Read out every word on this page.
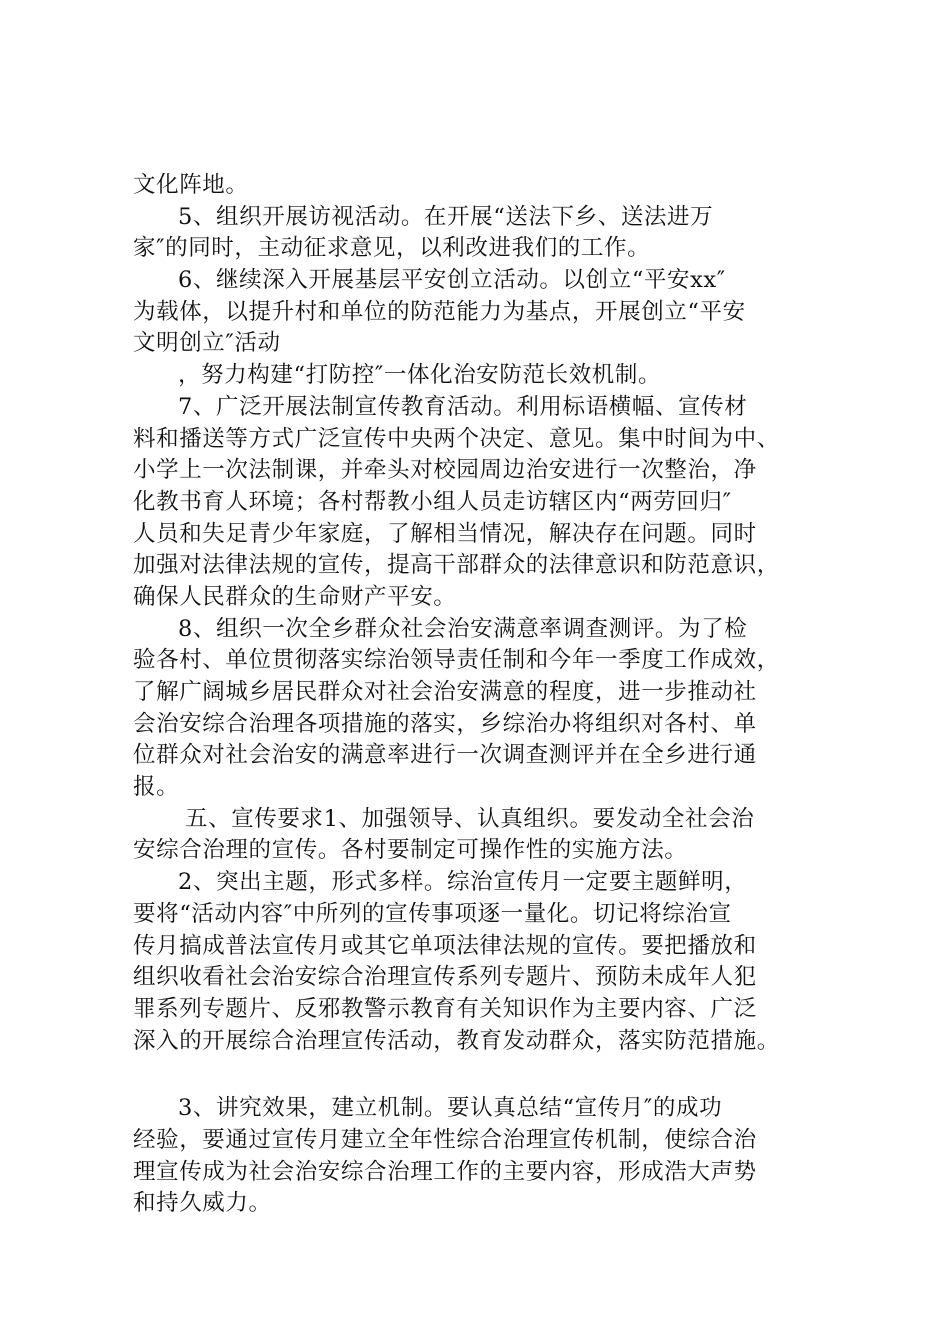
文化阵地。
5、组织开展访视活动。在开展“送法下乡、送法进万
家″的同时，主动征求意见，以利改进我们的工作。
6、继续深入开展基层平安创立活动。以创立“平安xx″
为载体，以提升村和单位的防范能力为基点，开展创立“平安
文明创立″活动
，努力构建“打防控″一体化治安防范长效机制。
7、广泛开展法制宣传教育活动。利用标语横幅、宣传材
料和播送等方式广泛宣传中央两个决定、意见。集中时间为中、
小学上一次法制课，并牵头对校园周边治安进行一次整治，净
化教书育人环境；各村帮教小组人员走访辖区内“两劳回归″
人员和失足青少年家庭，了解相当情况，解决存在问题。同时
加强对法律法规的宣传，提高干部群众的法律意识和防范意识，
确保人民群众的生命财产平安。
8、组织一次全乡群众社会治安满意率调查测评。为了检
验各村、单位贯彻落实综治领导责任制和今年一季度工作成效，
了解广阔城乡居民群众对社会治安满意的程度，进一步推动社
会治安综合治理各项措施的落实，乡综治办将组织对各村、单
位群众对社会治安的满意率进行一次调查测评并在全乡进行通
报。
五、宣传要求1、加强领导、认真组织。要发动全社会治
安综合治理的宣传。各村要制定可操作性的实施方法。
2、突出主题，形式多样。综治宣传月一定要主题鲜明，
要将“活动内容″中所列的宣传事项逐一量化。切记将综治宣
传月搞成普法宣传月或其它单项法律法规的宣传。要把播放和
组织收看社会治安综合治理宣传系列专题片、预防未成年人犯
罪系列专题片、反邪教警示教育有关知识作为主要内容、广泛
深入的开展综合治理宣传活动，教育发动群众，落实防范措施。
3、讲究效果，建立机制。要认真总结“宣传月″的成功
经验，要通过宣传月建立全年性综合治理宣传机制，使综合治
理宣传成为社会治安综合治理工作的主要内容，形成浩大声势
和持久威力。
